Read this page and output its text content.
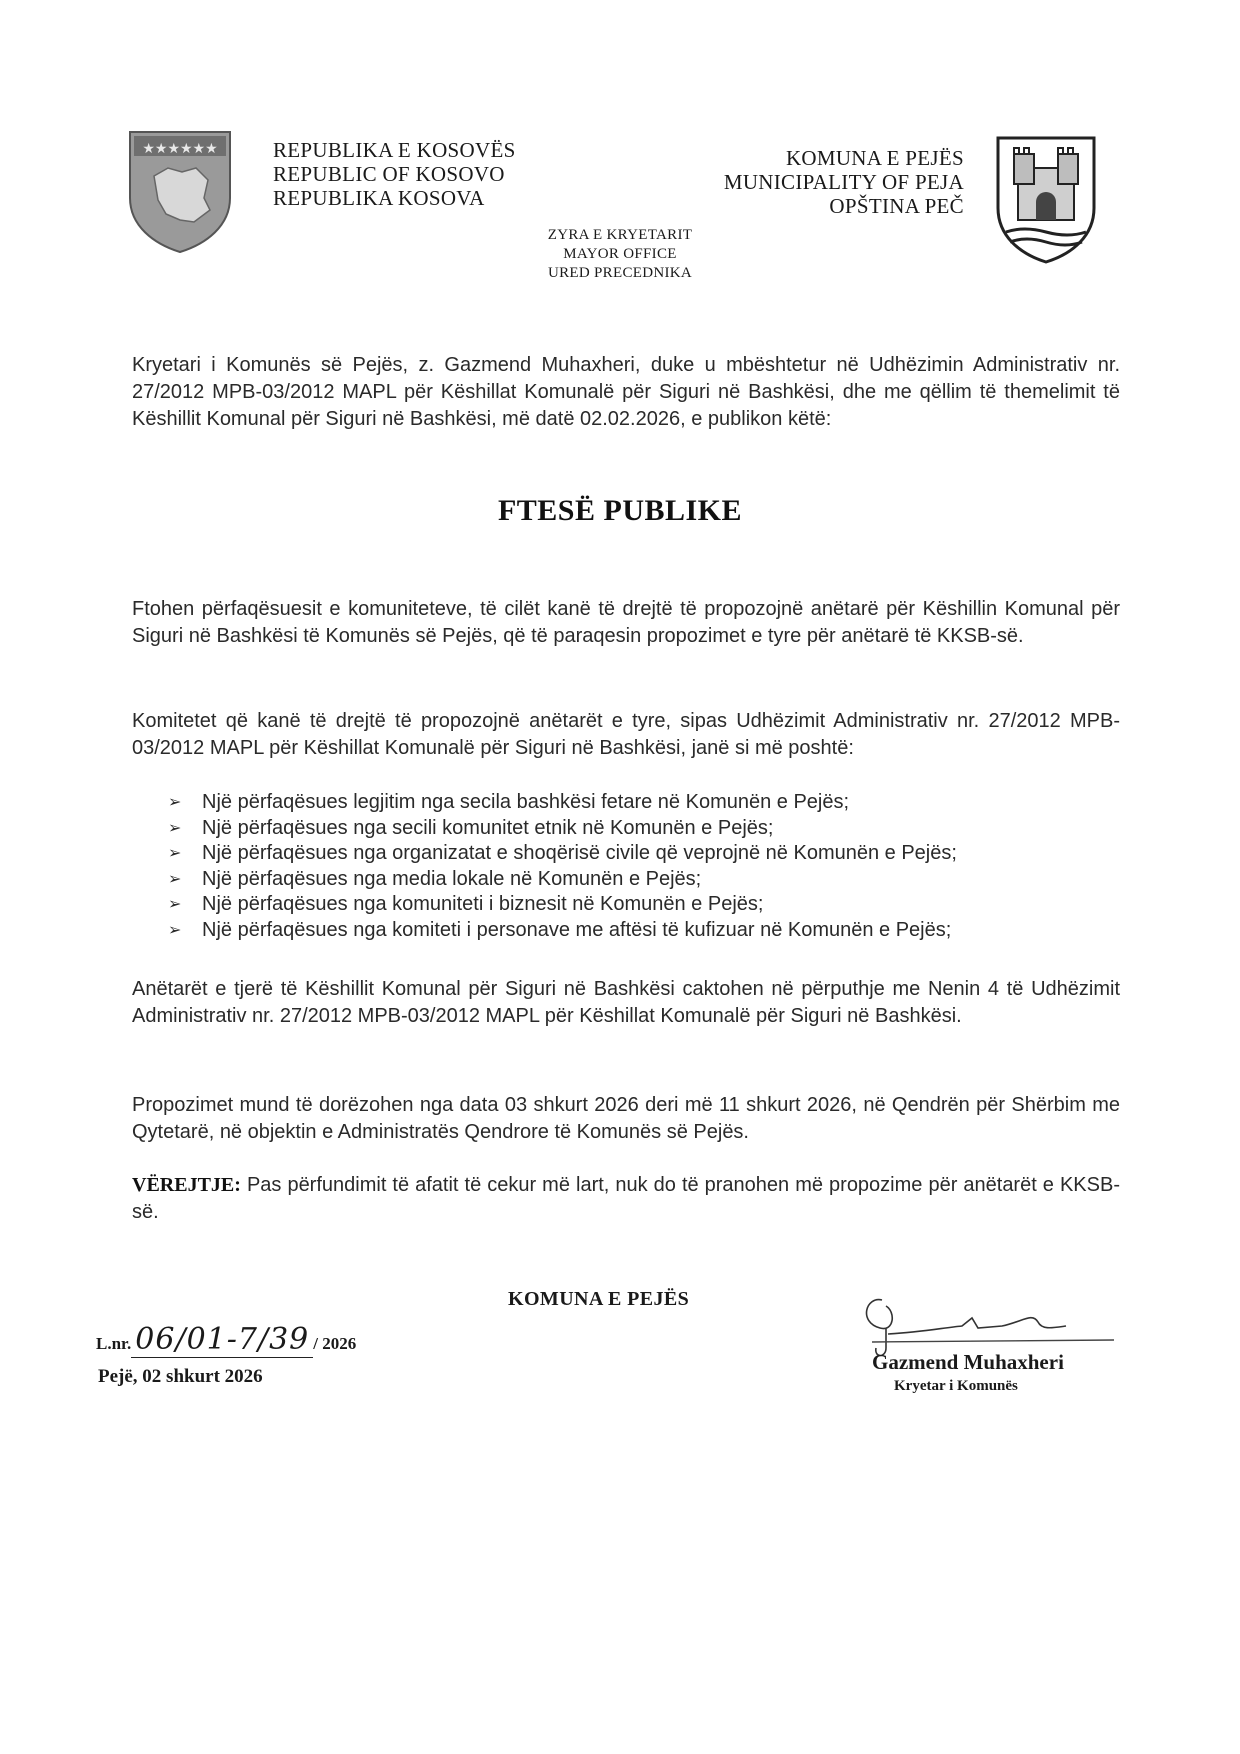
★★★★★★	REPUBLIKA E KOSOVËS
REPUBLIC OF KOSOVO
REPUBLIKA KOSOVA
ZYRA E KRYETARIT
MAYOR OFFICE
URED PRECEDNIKA
KOMUNA E PEJËS
MUNICIPALITY OF PEJA
OPŠTINA PEČ
Kryetari i Komunës së Pejës, z. Gazmend Muhaxheri, duke u mbështetur në Udhëzimin Administrativ nr. 27/2012 MPB-03/2012 MAPL për Këshillat Komunalë për Siguri në Bashkësi, dhe me qëllim të themelimit të Këshillit Komunal për Siguri në Bashkësi, më datë 02.02.2026, e publikon këtë:
FTESË PUBLIKE
Ftohen përfaqësuesit e komuniteteve, të cilët kanë të drejtë të propozojnë anëtarë për Këshillin Komunal për Siguri në Bashkësi të Komunës së Pejës, që të paraqesin propozimet e tyre për anëtarë të KKSB-së.
Komitetet që kanë të drejtë të propozojnë anëtarët e tyre, sipas Udhëzimit Administrativ nr. 27/2012 MPB-03/2012 MAPL për Këshillat Komunalë për Siguri në Bashkësi, janë si më poshtë:
➢ Një përfaqësues legjitim nga secila bashkësi fetare në Komunën e Pejës;
➢ Një përfaqësues nga secili komunitet etnik në Komunën e Pejës;
➢ Një përfaqësues nga organizatat e shoqërisë civile që veprojnë në Komunën e Pejës;
➢ Një përfaqësues nga media lokale në Komunën e Pejës;
➢ Një përfaqësues nga komuniteti i biznesit në Komunën e Pejës;
➢ Një përfaqësues nga komiteti i personave me aftësi të kufizuar në Komunën e Pejës;
Anëtarët e tjerë të Këshillit Komunal për Siguri në Bashkësi caktohen në përputhje me Nenin 4 të Udhëzimit Administrativ nr. 27/2012 MPB-03/2012 MAPL për Këshillat Komunalë për Siguri në Bashkësi.
Propozimet mund të dorëzohen nga data 03 shkurt 2026 deri më 11 shkurt 2026, në Qendrën për Shërbim me Qytetarë, në objektin e Administratës Qendrore të Komunës së Pejës.
VËREJTJE: Pas përfundimit të afatit të cekur më lart, nuk do të pranohen më propozime për anëtarët e KKSB-së.
KOMUNA E PEJËS
L.nr. 06/01-7/39 / 2026
Pejë, 02 shkurt 2026
Gazmend Muhaxheri
Kryetar i Komunës
